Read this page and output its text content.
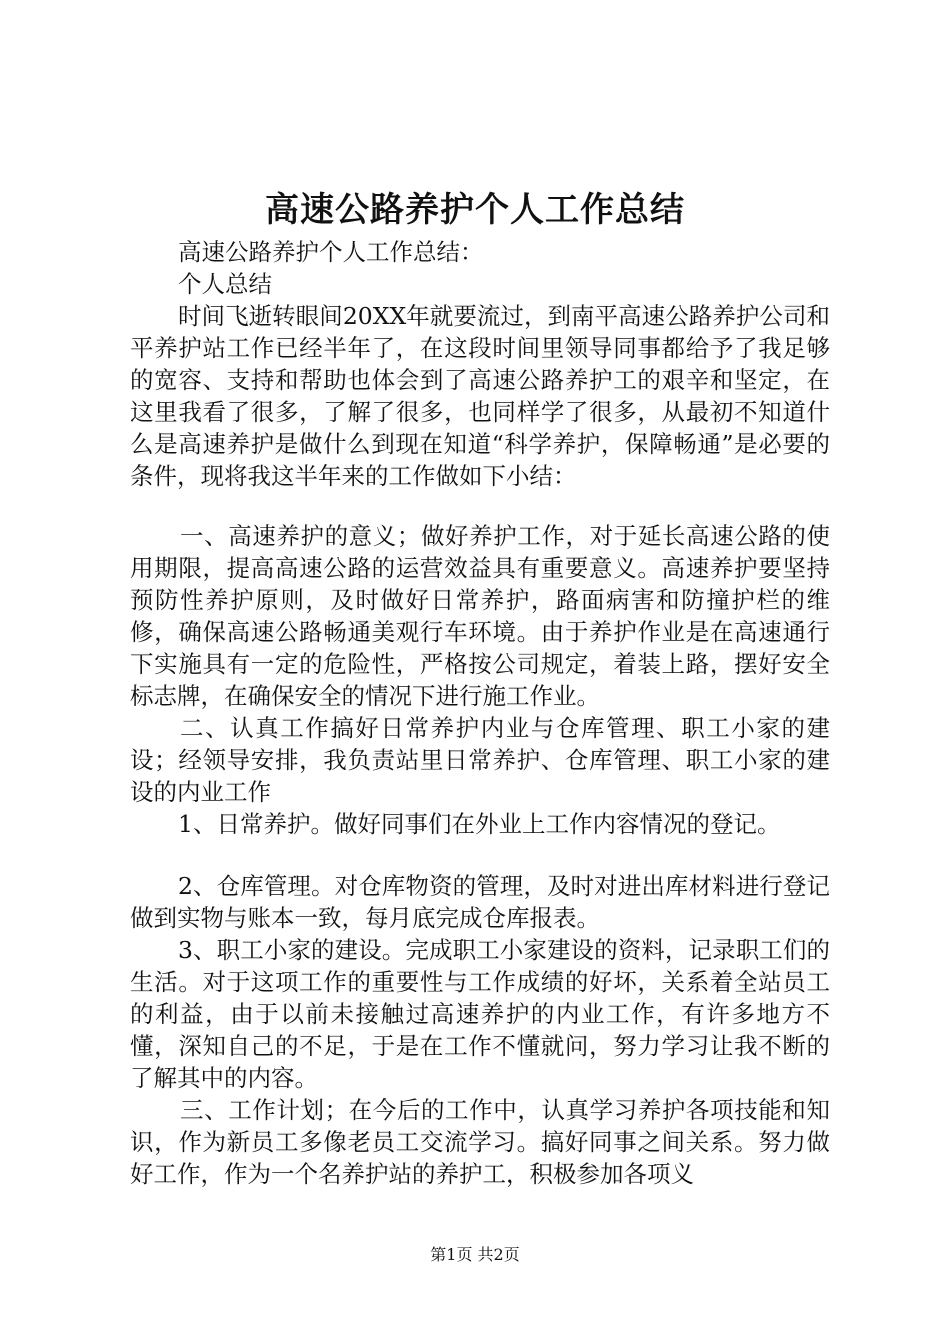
高速公路养护个人工作总结

高速公路养护个人工作总结：

个人总结

时间飞逝转眼间20XX年就要流过，到南平高速公路养护公司和平养护站工作已经半年了，在这段时间里领导同事都给予了我足够的宽容、支持和帮助也体会到了高速公路养护工的艰辛和坚定，在这里我看了很多，了解了很多，也同样学了很多，从最初不知道什么是高速养护是做什么到现在知道“科学养护，保障畅通”是必要的条件，现将我这半年来的工作做如下小结：

一、高速养护的意义；做好养护工作，对于延长高速公路的使用期限，提高高速公路的运营效益具有重要意义。高速养护要坚持预防性养护原则，及时做好日常养护，路面病害和防撞护栏的维修，确保高速公路畅通美观行车环境。由于养护作业是在高速通行下实施具有一定的危险性，严格按公司规定，着装上路，摆好安全标志牌，在确保安全的情况下进行施工作业。

二、认真工作搞好日常养护内业与仓库管理、职工小家的建设；经领导安排，我负责站里日常养护、仓库管理、职工小家的建设的内业工作

1、日常养护。做好同事们在外业上工作内容情况的登记。

2、仓库管理。对仓库物资的管理，及时对进出库材料进行登记做到实物与账本一致，每月底完成仓库报表。

3、职工小家的建设。完成职工小家建设的资料，记录职工们的生活。对于这项工作的重要性与工作成绩的好坏，关系着全站员工的利益，由于以前未接触过高速养护的内业工作，有许多地方不懂，深知自己的不足，于是在工作不懂就问，努力学习让我不断的了解其中的内容。

三、工作计划；在今后的工作中，认真学习养护各项技能和知识，作为新员工多像老员工交流学习。搞好同事之间关系。努力做好工作，作为一个名养护站的养护工，积极参加各项义

第1页 共2页
